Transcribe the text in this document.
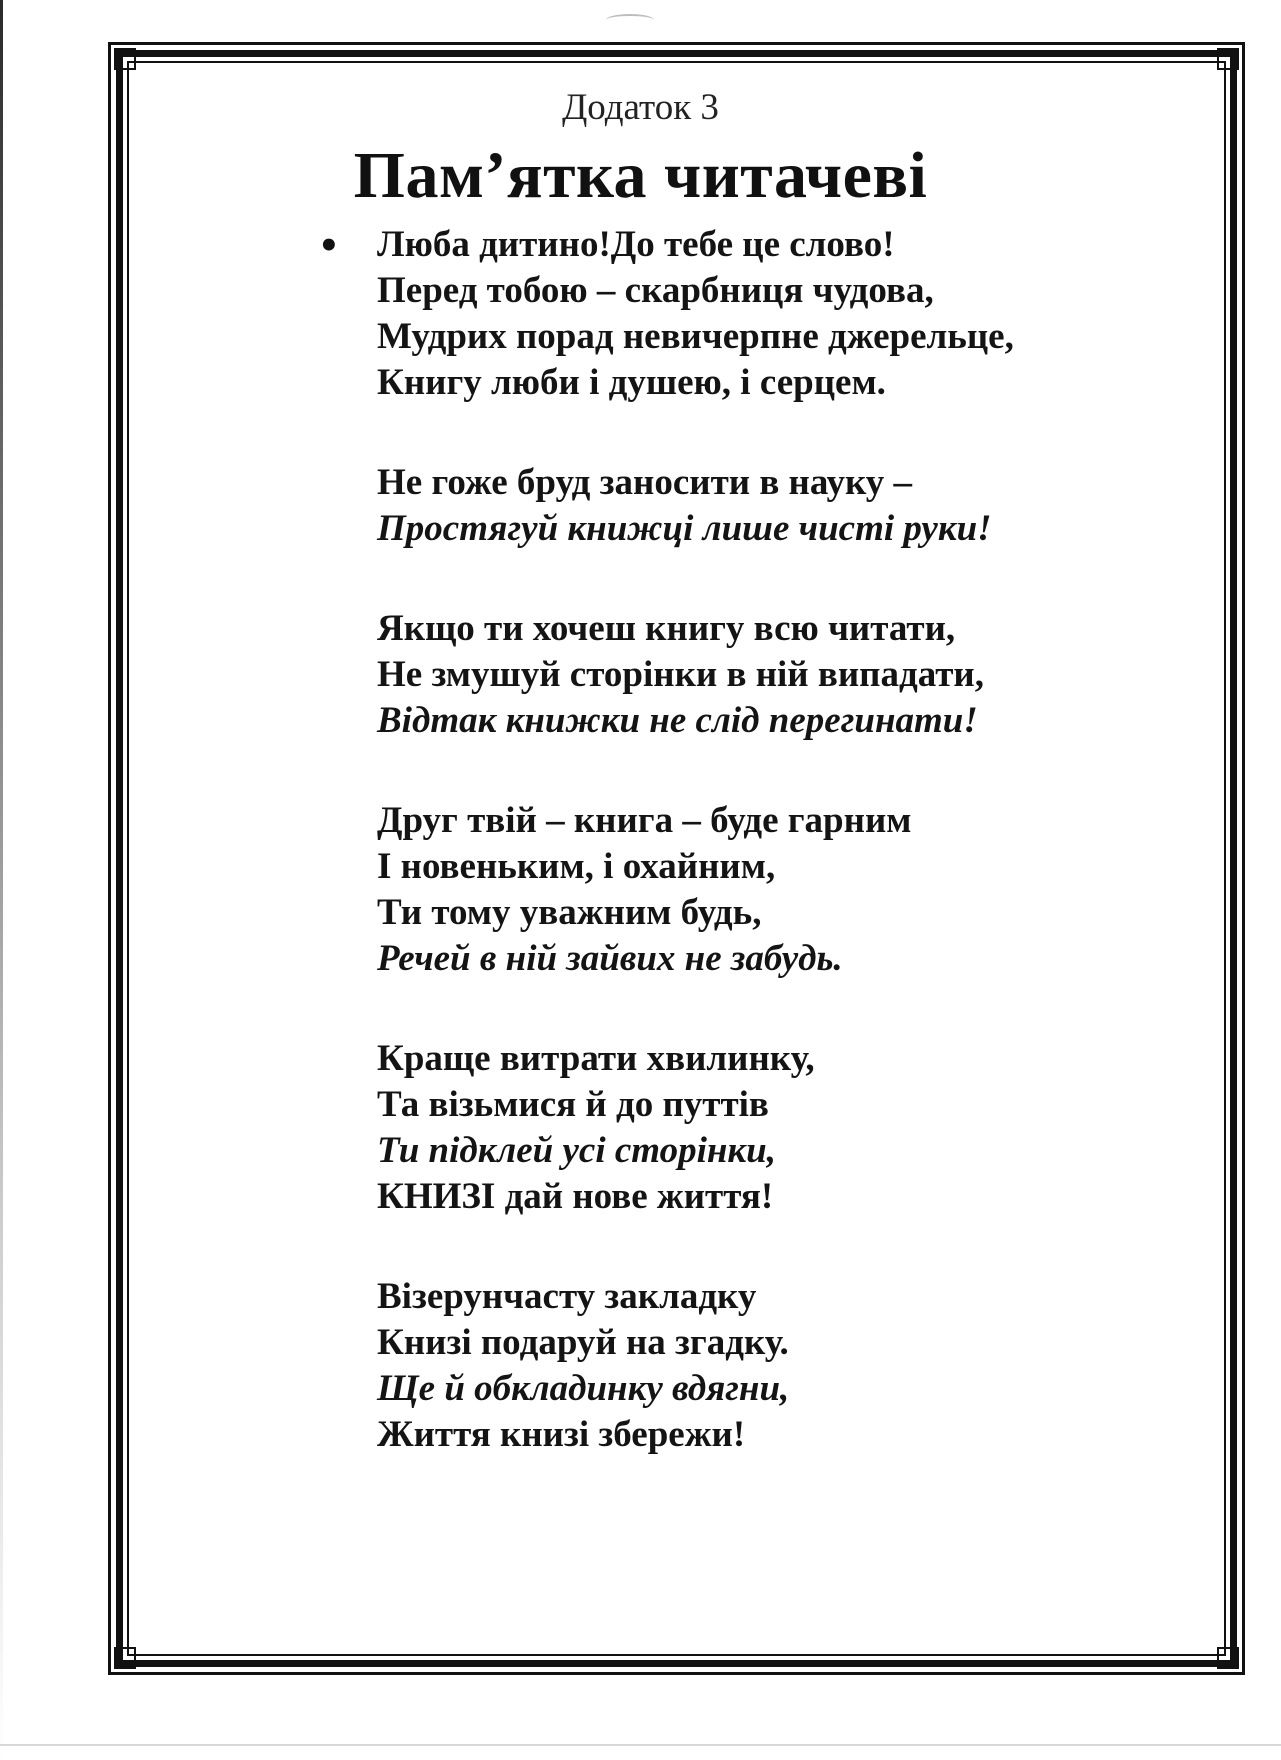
Додаток 3
Пам’ятка читачеві
• Люба дитино!До тебе це слово!
Перед тобою – скарбниця чудова,
Мудрих порад невичерпне джерельце,
Книгу люби і душею, і серцем.
Не гоже бруд заносити в науку –
Простягуй книжці лише чисті руки!
Якщо ти хочеш книгу всю читати,
Не змушуй сторінки в ній випадати,
Відтак книжки не слід перегинати!
Друг твій – книга – буде гарним
І новеньким, і охайним,
Ти тому уважним будь,
Речей в ній зайвих не забудь.
Краще витрати хвилинку,
Та візьмися й до путтів
Ти підклей усі сторінки,
КНИЗІ дай нове життя!
Візерунчасту закладку
Книзі подаруй на згадку.
Ще й обкладинку вдягни,
Життя книзі збережи!
